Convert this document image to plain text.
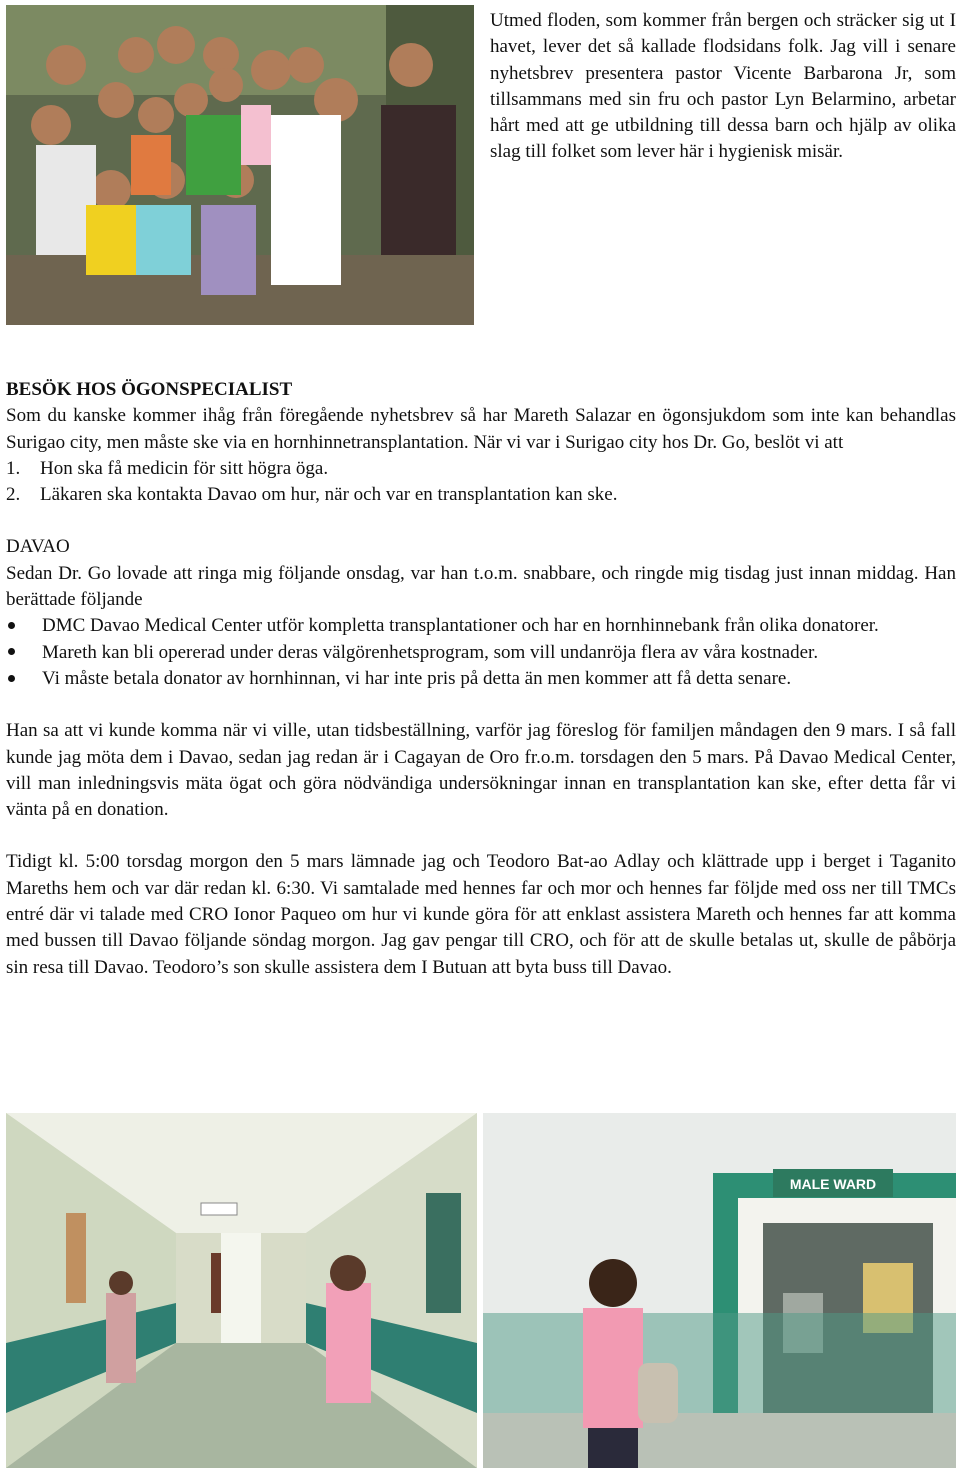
Utmed floden, som kommer från bergen och sträcker sig ut I havet, lever det så kallade flodsidans folk. Jag vill i senare nyhetsbrev presentera pastor Vicente Barbarona Jr, som tillsammans med sin fru och pastor Lyn Belarmino, arbetar hårt med att ge utbildning till dessa barn och hjälp av olika slag till folket som lever här i hygienisk misär.

BESÖK HOS ÖGONSPECIALIST

Som du kanske kommer ihåg från föregående nyhetsbrev så har Mareth Salazar en ögonsjukdom som inte kan behandlas Surigao city, men måste ske via en hornhinnetransplantation. När vi var i Surigao city hos Dr. Go, beslöt vi att

1.	Hon ska få medicin för sitt högra öga.
2.	Läkaren ska kontakta Davao om hur, när och var en transplantation kan ske.

DAVAO

Sedan Dr. Go lovade att ringa mig följande onsdag, var han t.o.m. snabbare, och ringde mig tisdag just innan middag. Han berättade följande

DMC Davao Medical Center utför kompletta transplantationer och har en hornhinnebank från olika donatorer.
Mareth kan bli opererad under deras välgörenhetsprogram, som vill undanröja flera av våra kostnader.
Vi måste betala donator av hornhinnan, vi har inte pris på detta än men kommer att få detta senare.

Han sa att vi kunde komma när vi ville, utan tidsbeställning, varför jag föreslog för familjen måndagen den 9 mars. I så fall kunde jag möta dem i Davao, sedan jag redan är i Cagayan de Oro fr.o.m. torsdagen den 5 mars. På Davao Medical Center, vill man inledningsvis mäta ögat och göra nödvändiga undersökningar innan en transplantation kan ske, efter detta får vi vänta på en donation.

Tidigt kl. 5:00 torsdag morgon den 5 mars lämnade jag och Teodoro Bat-ao Adlay och klättrade upp i berget i Taganito Mareths hem och var där redan kl. 6:30. Vi samtalade med hennes far och mor och hennes far följde med oss ner till TMCs entré där vi talade med CRO Ionor Paqueo om hur vi kunde göra för att enklast assistera Mareth och hennes far att komma med bussen till Davao följande söndag morgon. Jag gav pengar till CRO, och för att de skulle betalas ut, skulle de påbörja sin resa till Davao. Teodoro’s son skulle assistera dem I Butuan att byta buss till Davao.

MALE WARD
